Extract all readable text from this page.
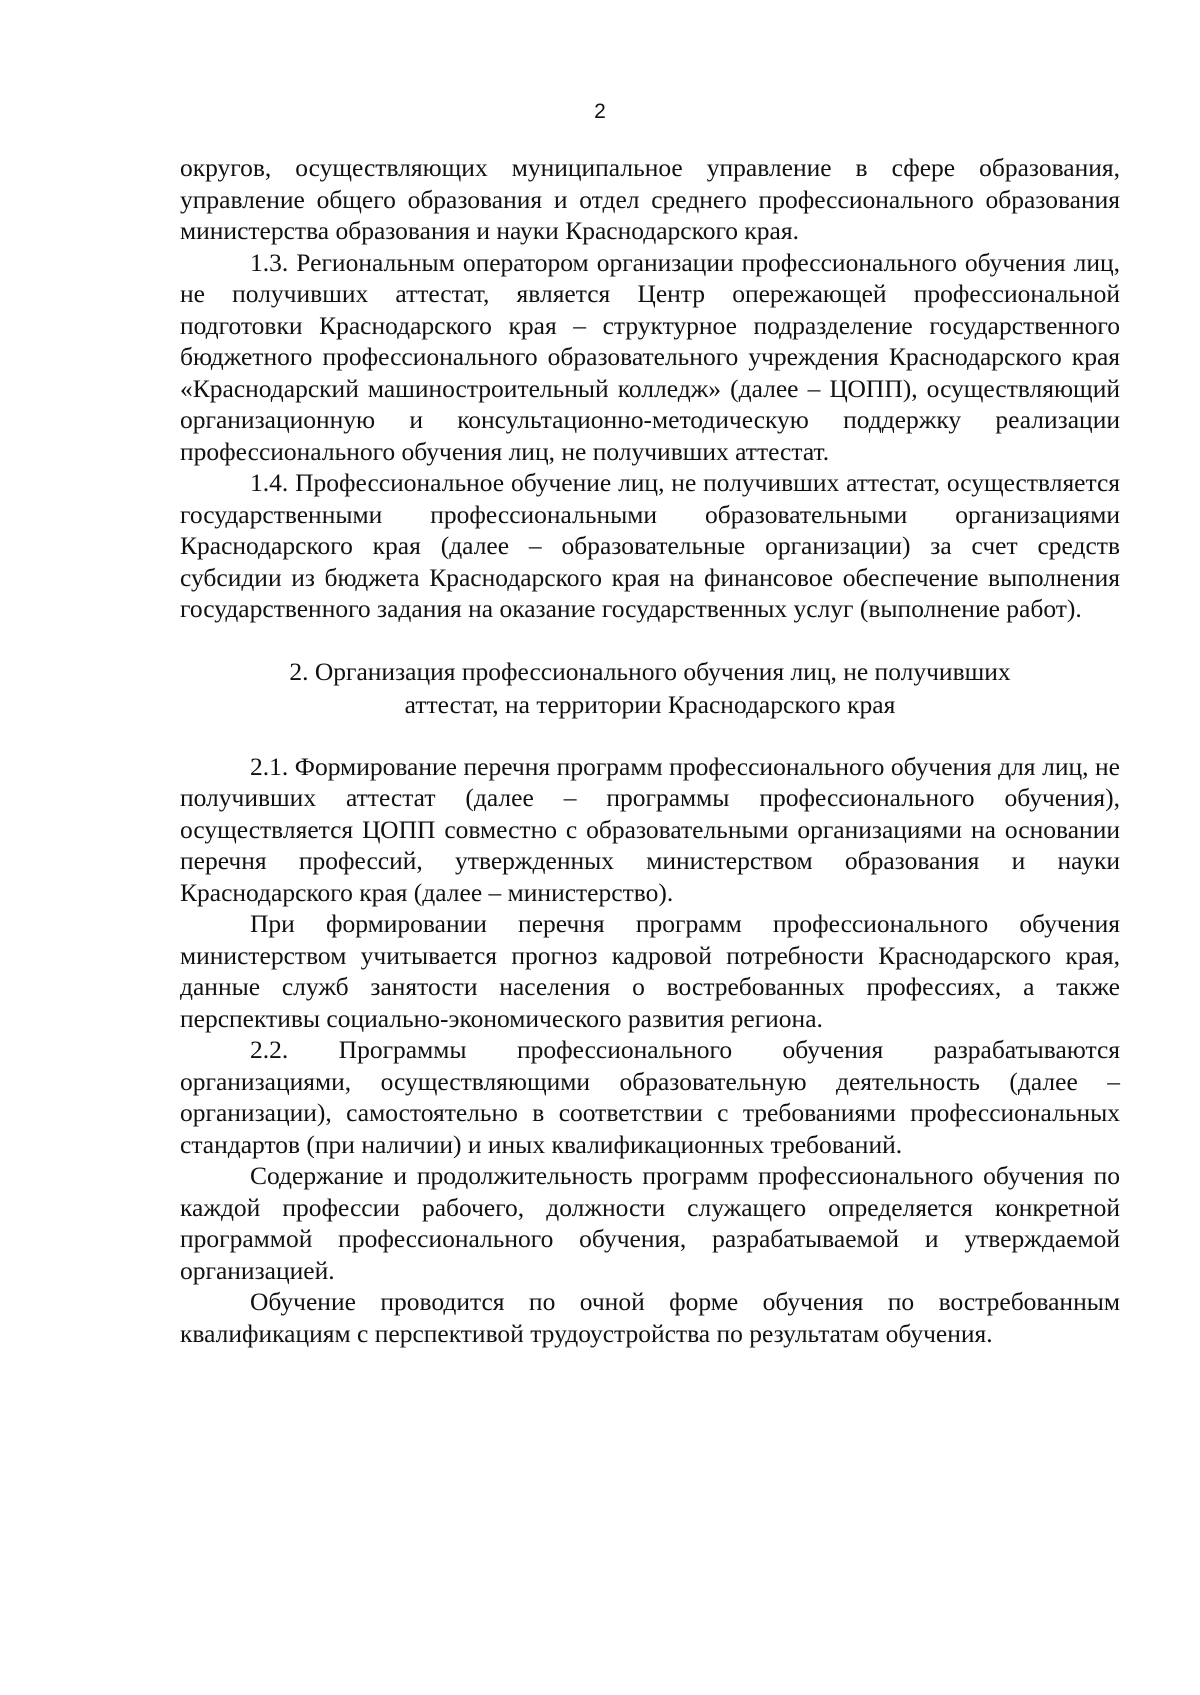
2

округов, осуществляющих муниципальное управление в сфере образования, управление общего образования и отдел среднего профессионального образования министерства образования и науки Краснодарского края.

1.3. Региональным оператором организации профессионального обучения лиц, не получивших аттестат, является Центр опережающей профессиональной подготовки Краснодарского края – структурное подразделение государственного бюджетного профессионального образовательного учреждения Краснодарского края «Краснодарский машиностроительный колледж» (далее – ЦОПП), осуществляющий организационную и консультационно-методическую поддержку реализации профессионального обучения лиц, не получивших аттестат.

1.4. Профессиональное обучение лиц, не получивших аттестат, осуществляется государственными профессиональными образовательными организациями Краснодарского края (далее – образовательные организации) за счет средств субсидии из бюджета Краснодарского края на финансовое обеспечение выполнения государственного задания на оказание государственных услуг (выполнение работ).

2. Организация профессионального обучения лиц, не получивших
аттестат, на территории Краснодарского края

2.1. Формирование перечня программ профессионального обучения для лиц, не получивших аттестат (далее – программы профессионального обучения), осуществляется ЦОПП совместно с образовательными организациями на основании перечня профессий, утвержденных министерством образования и науки Краснодарского края (далее – министерство).

При формировании перечня программ профессионального обучения министерством учитывается прогноз кадровой потребности Краснодарского края, данные служб занятости населения о востребованных профессиях, а также перспективы социально-экономического развития региона.

2.2. Программы профессионального обучения разрабатываются организациями, осуществляющими образовательную деятельность (далее – организации), самостоятельно в соответствии с требованиями профессиональных стандартов (при наличии) и иных квалификационных требований.

Содержание и продолжительность программ профессионального обучения по каждой профессии рабочего, должности служащего определяется конкретной программой профессионального обучения, разрабатываемой и утверждаемой организацией.

Обучение проводится по очной форме обучения по востребованным квалификациям с перспективой трудоустройства по результатам обучения.
